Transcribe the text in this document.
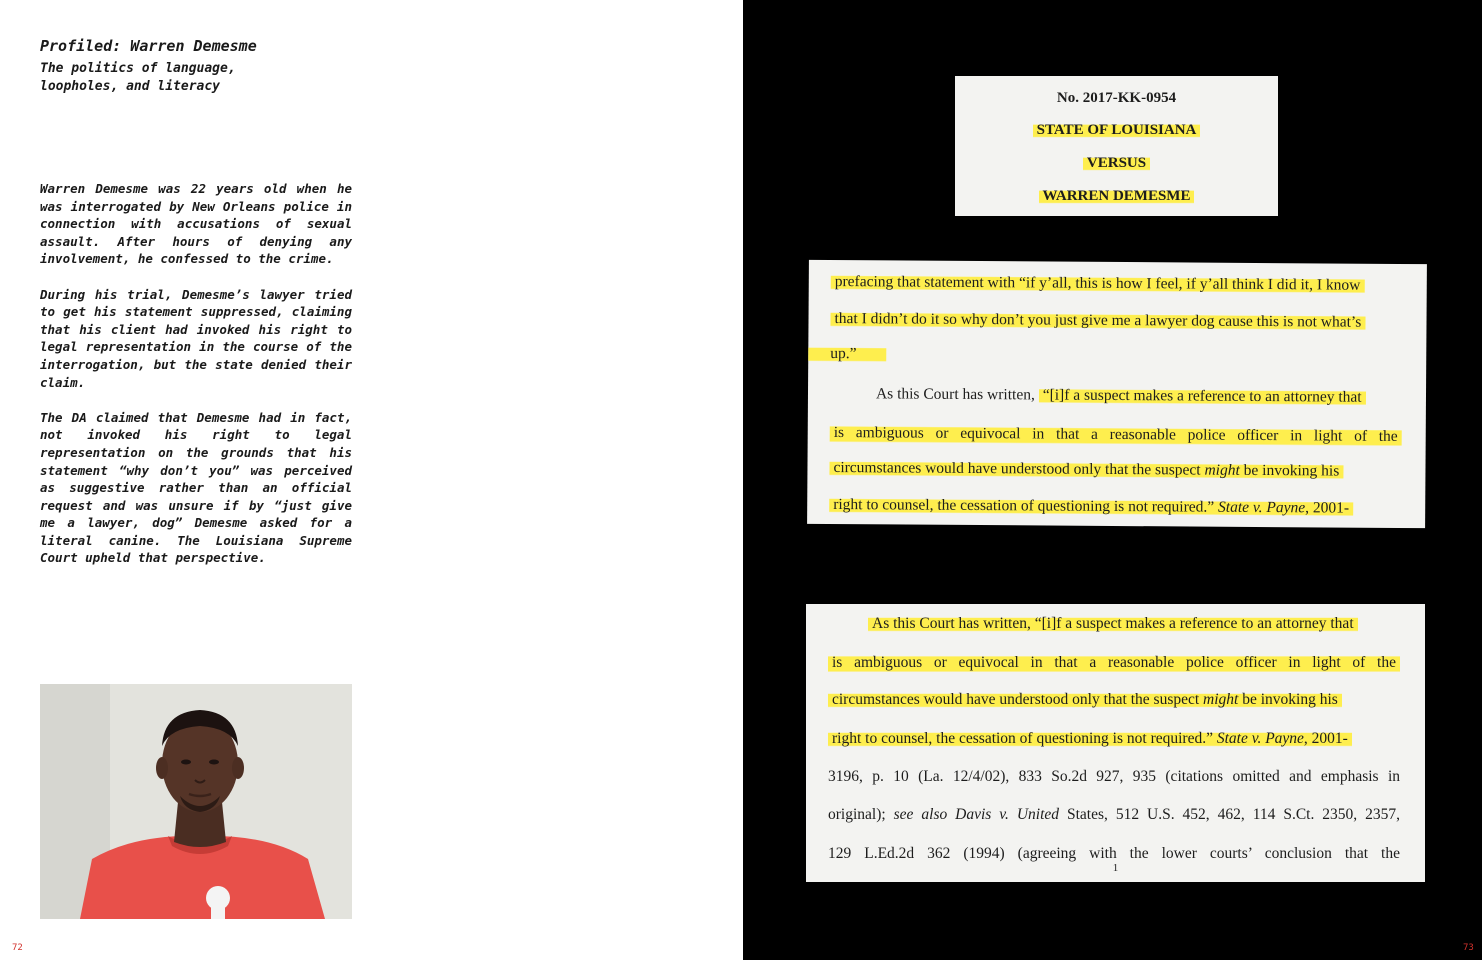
Profiled: Warren Demesme
The politics of language,
loopholes, and literacy

Warren Demesme was 22 years old when he was interrogated by New Orleans police in connection with accusations of sexual assault. After hours of denying any involvement, he confessed to the crime.

During his trial, Demesme’s lawyer tried to get his statement suppressed, claiming that his client had invoked his right to legal representation in the course of the interrogation, but the state denied their claim.

The DA claimed that Demesme had in fact, not invoked his right to legal representation on the grounds that his statement “why don’t you” was perceived as suggestive rather than an official request and was unsure if by “just give me a lawyer, dog” Demesme asked for a literal canine. The Louisiana Supreme Court upheld that perspective.

72	73
No. 2017-KK-0954
STATE OF LOUISIANA
VERSUS
WARREN DEMESME
prefacing that statement with “if y’all, this is how I feel, if y’all think I did it, I know
that I didn’t do it so why don’t you just give me a lawyer dog cause this is not what’s
up.”
As this Court has written, “[i]f a suspect makes a reference to an attorney that
is ambiguous or equivocal in that a reasonable police officer in light of the
circumstances would have understood only that the suspect might be invoking his
right to counsel, the cessation of questioning is not required.” State v. Payne, 2001-
As this Court has written, “[i]f a suspect makes a reference to an attorney that
is ambiguous or equivocal in that a reasonable police officer in light of the
circumstances would have understood only that the suspect might be invoking his
right to counsel, the cessation of questioning is not required.” State v. Payne, 2001-
3196, p. 10 (La. 12/4/02), 833 So.2d 927, 935 (citations omitted and emphasis in
original); see also Davis v. United States, 512 U.S. 452, 462, 114 S.Ct. 2350, 2357,
129 L.Ed.2d 362 (1994) (agreeing with the lower courts’ conclusion that the
1
